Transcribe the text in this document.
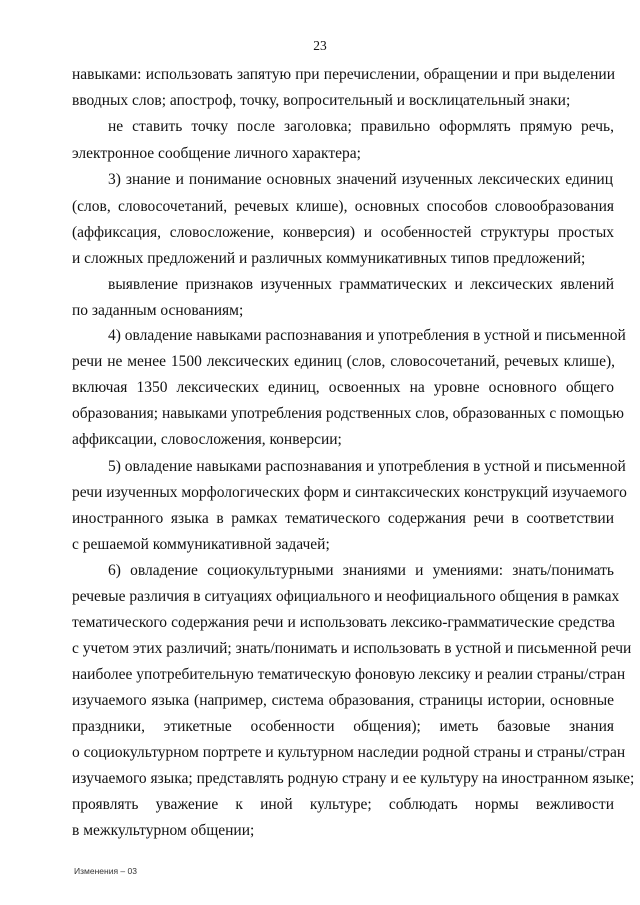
23
навыками: использовать запятую при перечислении, обращении и при выделении
вводных слов; апостроф, точку, вопросительный и восклицательный знаки;
не ставить точку после заголовка; правильно оформлять прямую речь,
электронное сообщение личного характера;
3) знание и понимание основных значений изученных лексических единиц
(слов, словосочетаний, речевых клише), основных способов словообразования
(аффиксация, словосложение, конверсия) и особенностей структуры простых
и сложных предложений и различных коммуникативных типов предложений;
выявление признаков изученных грамматических и лексических явлений
по заданным основаниям;
4) овладение навыками распознавания и употребления в устной и письменной
речи не менее 1500 лексических единиц (слов, словосочетаний, речевых клише),
включая 1350 лексических единиц, освоенных на уровне основного общего
образования; навыками употребления родственных слов, образованных с помощью
аффиксации, словосложения, конверсии;
5) овладение навыками распознавания и употребления в устной и письменной
речи изученных морфологических форм и синтаксических конструкций изучаемого
иностранного языка в рамках тематического содержания речи в соответствии
с решаемой коммуникативной задачей;
6) овладение социокультурными знаниями и умениями: знать/понимать
речевые различия в ситуациях официального и неофициального общения в рамках
тематического содержания речи и использовать лексико-грамматические средства
с учетом этих различий; знать/понимать и использовать в устной и письменной речи
наиболее употребительную тематическую фоновую лексику и реалии страны/стран
изучаемого языка (например, система образования, страницы истории, основные
праздники, этикетные особенности общения); иметь базовые знания
о социокультурном портрете и культурном наследии родной страны и страны/стран
изучаемого языка; представлять родную страну и ее культуру на иностранном языке;
проявлять уважение к иной культуре; соблюдать нормы вежливости
в межкультурном общении;
Изменения – 03
